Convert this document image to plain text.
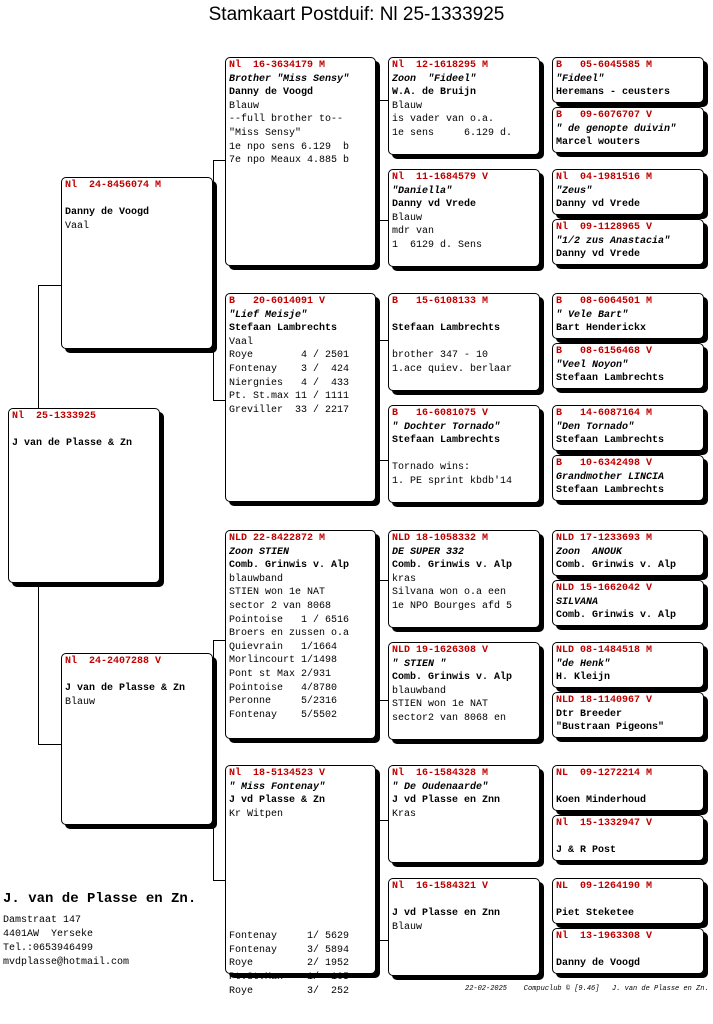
Stamkaart Postduif: Nl 25-1333925
Nl  25-1333925
J van de Plasse & Zn
Nl  24-8456074 M
Danny de Voogd
Vaal
Nl  24-2407288 V
J van de Plasse & Zn
Blauw
Nl  16-3634179 M
Brother "Miss Sensy"
Danny de Voogd
Blauw
--full brother to--
"Miss Sensy"
1e npo sens 6.129  b
7e npo Meaux 4.885 b
B   20-6014091 V
"Lief Meisje"
Stefaan Lambrechts
Vaal
Roye        4 / 2501
Fontenay    3 /  424
Niergnies   4 /  433
Pt. St.max 11 / 1111
Greviller  33 / 2217
NLD 22-8422872 M
Zoon STIEN
Comb. Grinwis v. Alp
blauwband
STIEN won 1e NAT
sector 2 van 8068
Pointoise   1 / 6516
Broers en zussen o.a
Quievrain   1/1664
Morlincourt 1/1498
Pont st Max 2/931
Pointoise   4/8780
Peronne     5/2316
Fontenay    5/5502
Nl  18-5134523 V
" Miss Fontenay"
J vd Plasse & Zn
Kr Witpen
Fontenay     1/ 5629
Fontenay     3/ 5894
Roye         2/ 1952
Pt.St.Max    1/  105
Roye         3/  252
Nl  12-1618295 M
Zoon  "Fideel"
W.A. de Bruijn
Blauw
is vader van o.a.
1e sens     6.129 d.
Nl  11-1684579 V
"Daniella"
Danny vd Vrede
Blauw
mdr van
1  6129 d. Sens
B   15-6108133 M
Stefaan Lambrechts
brother 347 - 10
1.ace quiev. berlaar
B   16-6081075 V
" Dochter Tornado"
Stefaan Lambrechts
Tornado wins:
1. PE sprint kbdb'14
NLD 18-1058332 M
DE SUPER 332
Comb. Grinwis v. Alp
kras
Silvana won o.a een
1e NPO Bourges afd 5
NLD 19-1626308 V
" STIEN "
Comb. Grinwis v. Alp
blauwband
STIEN won 1e NAT
sector2 van 8068 en
Nl  16-1584328 M
" De Oudenaarde"
J vd Plasse en Znn
Kras
Nl  16-1584321 V
J vd Plasse en Znn
Blauw
B   05-6045585 M
"Fideel"
Heremans - ceusters
B   09-6076707 V
" de genopte duivin"
Marcel wouters
Nl  04-1981516 M
"Zeus"
Danny vd Vrede
Nl  09-1128965 V
"1/2 zus Anastacia"
Danny vd Vrede
B   08-6064501 M
" Vele Bart"
Bart Henderickx
B   08-6156468 V
"Veel Noyon"
Stefaan Lambrechts
B   14-6087164 M
"Den Tornado"
Stefaan Lambrechts
B   10-6342498 V
Grandmother LINCIA
Stefaan Lambrechts
NLD 17-1233693 M
Zoon  ANOUK
Comb. Grinwis v. Alp
NLD 15-1662042 V
SILVANA
Comb. Grinwis v. Alp
NLD 08-1484518 M
"de Henk"
H. Kleijn
NLD 18-1140967 V
Dtr Breeder
"Bustraan Pigeons"
NL  09-1272214 M
Koen Minderhoud
Nl  15-1332947 V
J & R Post
NL  09-1264190 M
Piet Steketee
Nl  13-1963308 V
Danny de Voogd
J. van de Plasse en Zn.
Damstraat 147
4401AW  Yerseke
Tel.:0653946499
mvdplasse@hotmail.com
22-02-2025    Compuclub © [9.46]   J. van de Plasse en Zn.
